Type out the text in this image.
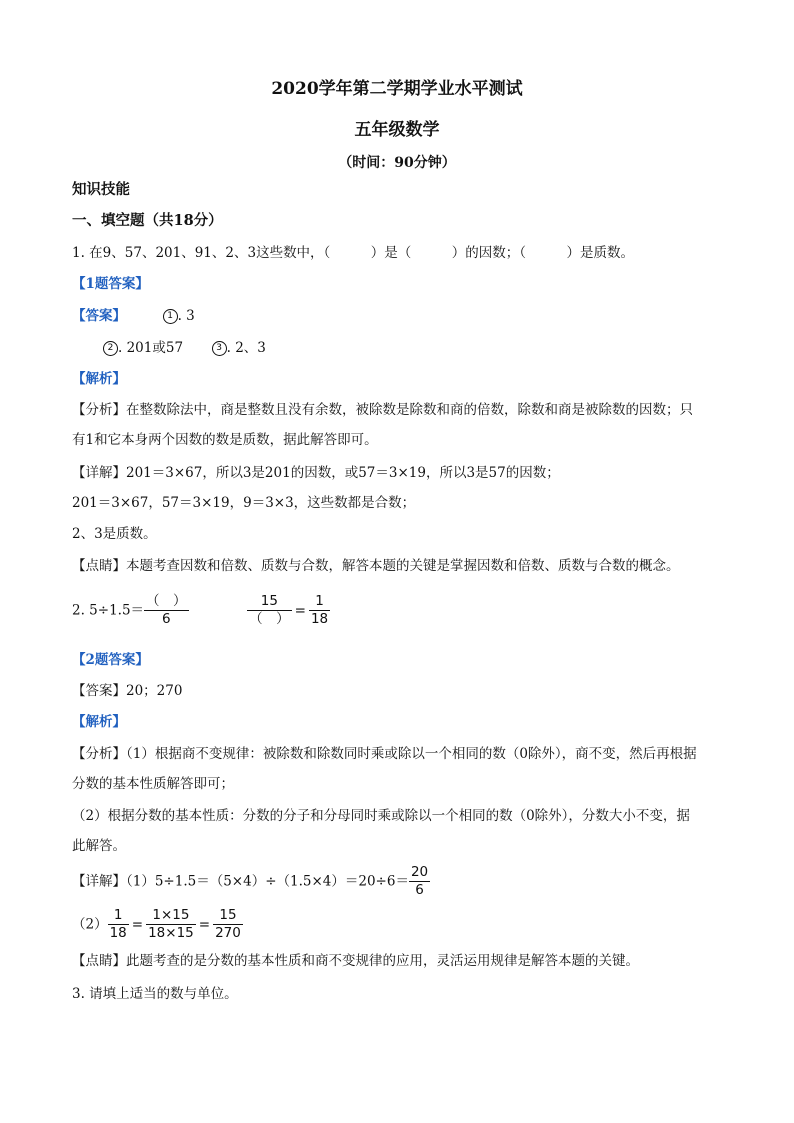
2020学年第二学期学业水平测试
五年级数学
（时间：90分钟）
知识技能
一、填空题（共18分）
1. 在9、57、201、91、2、3这些数中，（　　　）是（　　　）的因数；（　　　）是质数。
【1题答案】
【答案】	1 . 3
2 . 201或57	3 . 2、3
【解析】
【分析】在整数除法中，商是整数且没有余数，被除数是除数和商的倍数，除数和商是被除数的因数；只
有1和它本身两个因数的数是质数，据此解答即可。
【详解】201＝3×67，所以3是201的因数，或57＝3×19，所以3是57的因数；
201＝3×67，57＝3×19，9＝3×3，这些数都是合数；
2、3是质数。
【点睛】本题考查因数和倍数、质数与合数，解答本题的关键是掌握因数和倍数、质数与合数的概念。
2. $5\div 1.5= \frac{( )}{6}$
	$\frac{15}{( )} = \frac{1}{18}$
【2题答案】
【答案】20；270
【解析】
【分析】（1）根据商不变规律：被除数和除数同时乘或除以一个相同的数（0除外），商不变，然后再根据
分数的基本性质解答即可；
（2）根据分数的基本性质：分数的分子和分母同时乘或除以一个相同的数（0除外），分数大小不变，据
此解答。
【详解】$(1)5\div 1.5=(5\times 4)\div(1.5\times 4)=20\div 6= \frac{20}{6}$
$(2) \frac{1}{18} = \frac{1\times 15}{18\times 15} = \frac{15}{270}$
【点睛】此题考查的是分数的基本性质和商不变规律的应用，灵活运用规律是解答本题的关键。
3. 请填上适当的数与单位。
